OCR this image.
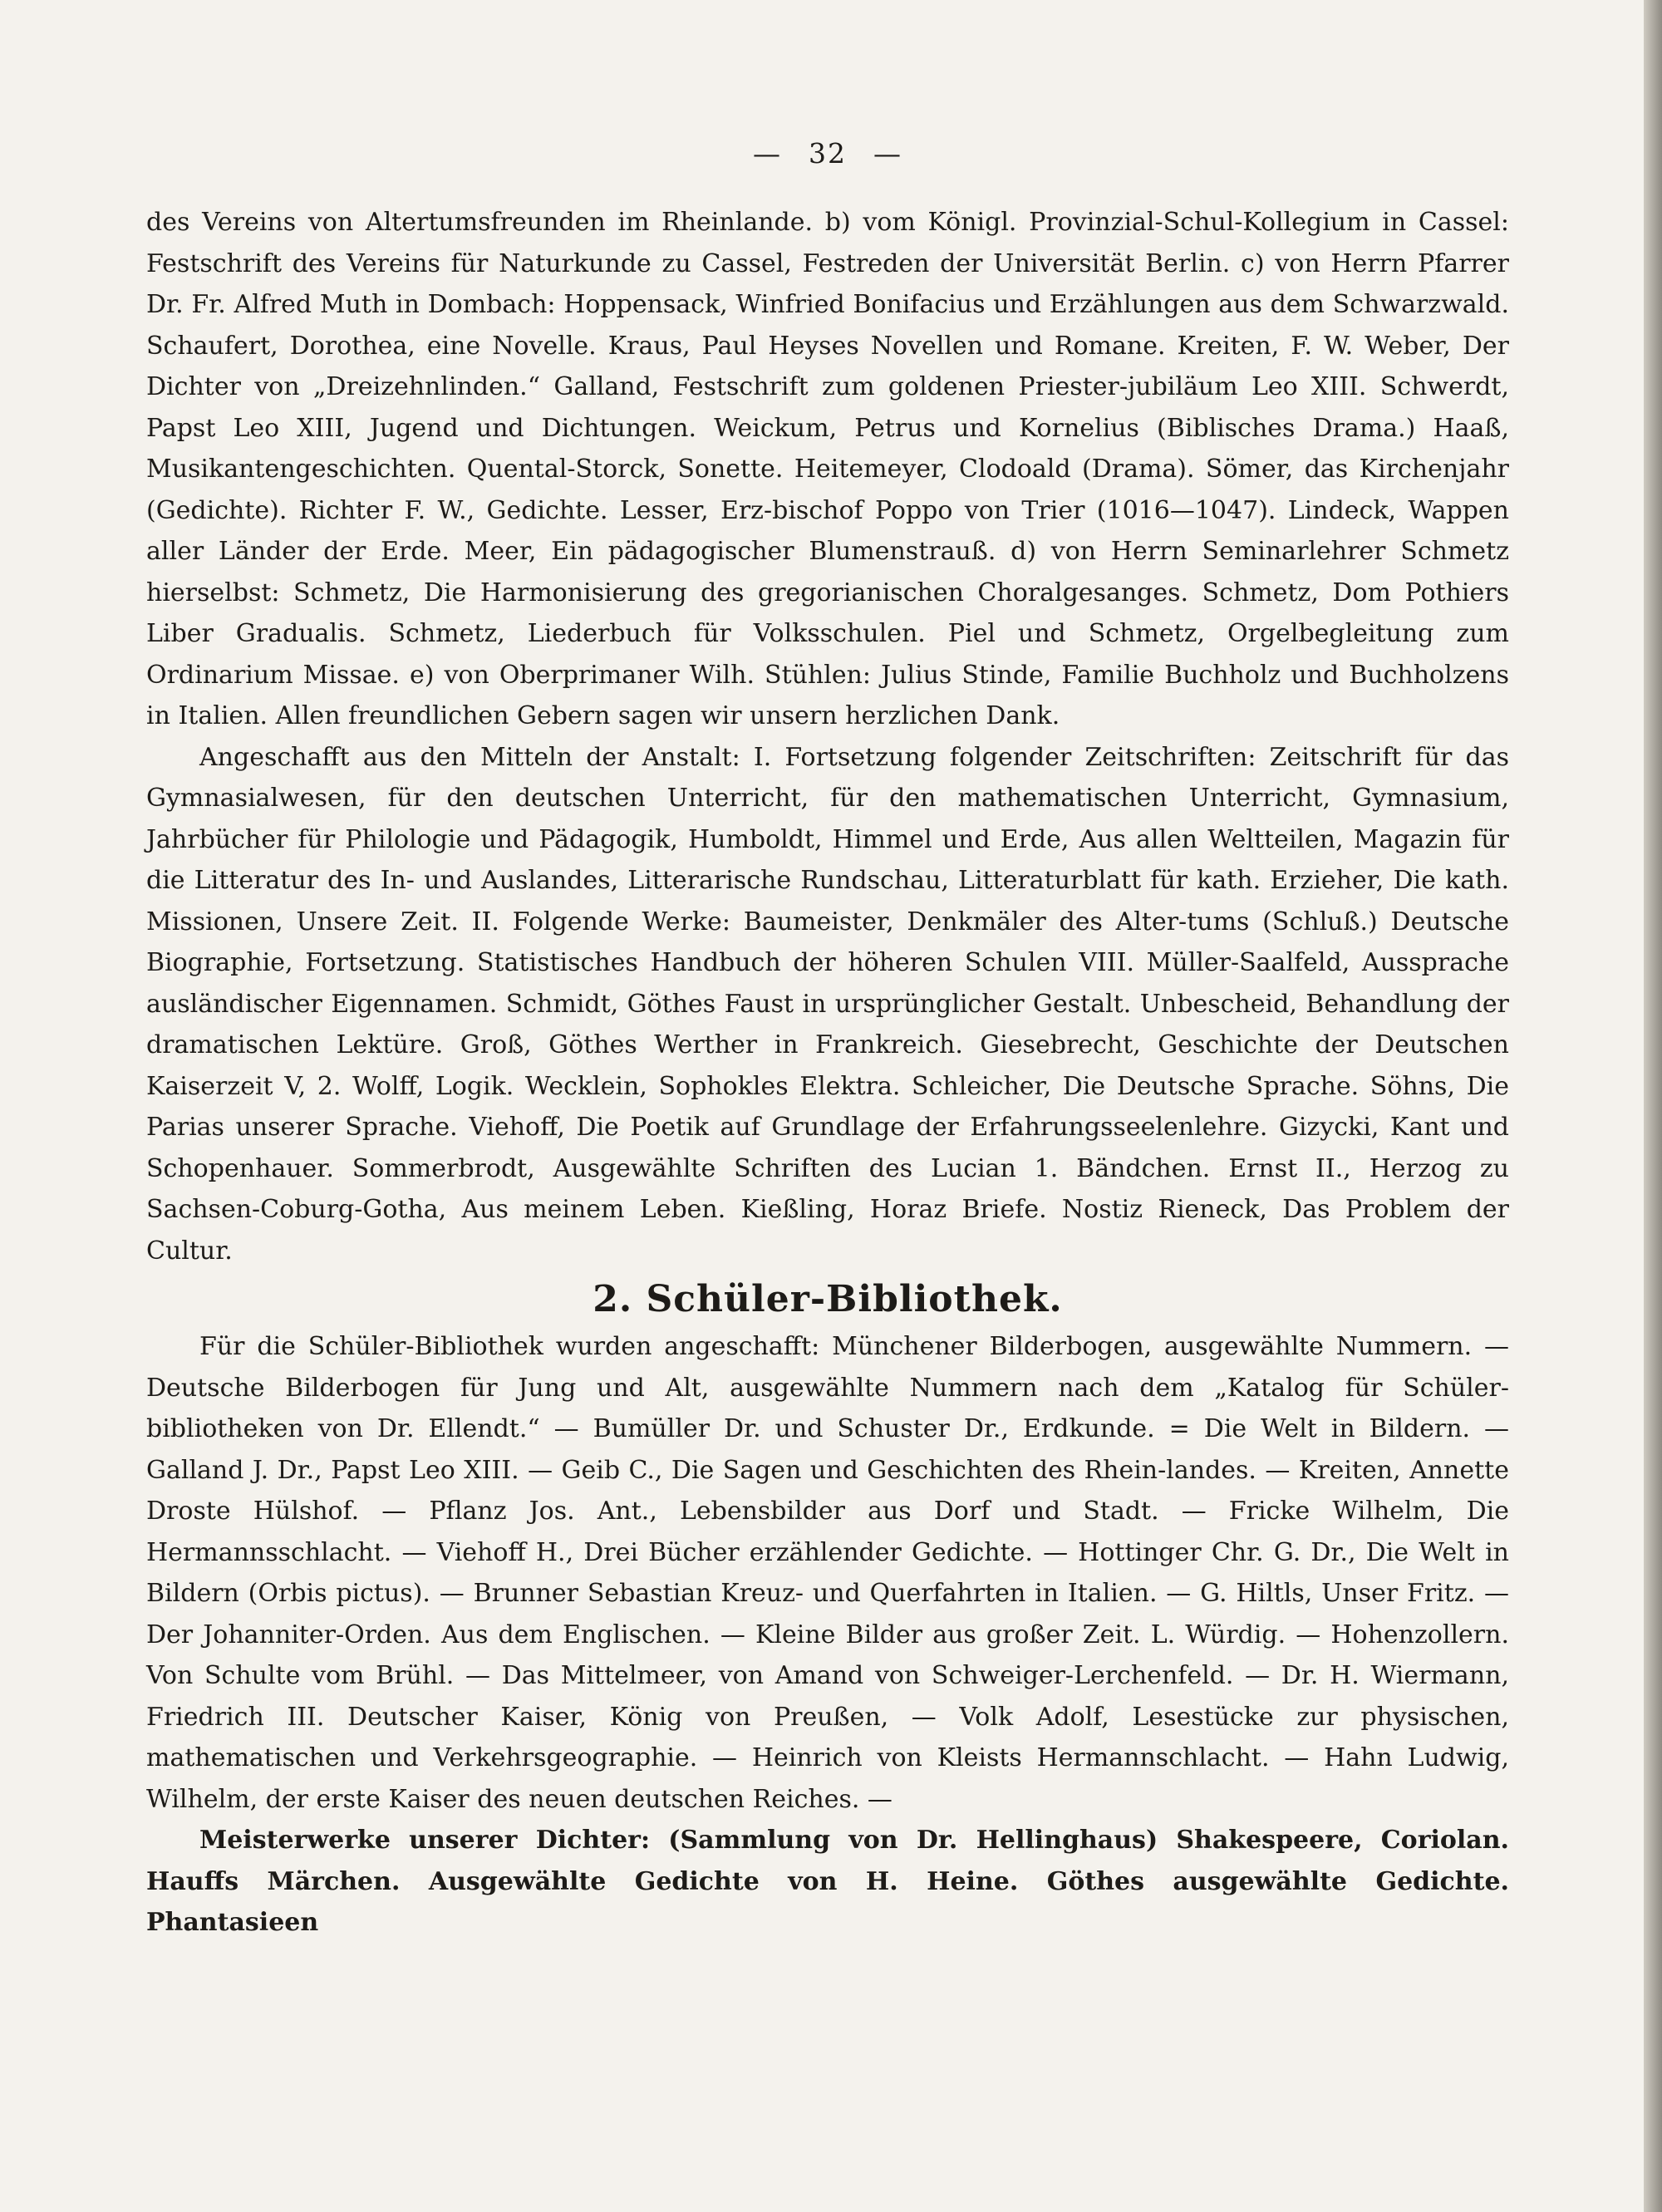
— 32 —

des Vereins von Altertumsfreunden im Rheinlande. b) vom Königl. Provinzial-Schul-Kollegium in Cassel: Festschrift des Vereins für Naturkunde zu Cassel, Festreden der Universität Berlin. c) von Herrn Pfarrer Dr. Fr. Alfred Muth in Dombach: Hoppensack, Winfried Bonifacius und Erzählungen aus dem Schwarzwald. Schaufert, Dorothea, eine Novelle. Kraus, Paul Heyses Novellen und Romane. Kreiten, F. W. Weber, Der Dichter von „Dreizehnlinden.“ Galland, Festschrift zum goldenen Priester-jubiläum Leo XIII. Schwerdt, Papst Leo XIII, Jugend und Dichtungen. Weickum, Petrus und Kornelius (Biblisches Drama.) Haaß, Musikantengeschichten. Quental-Storck, Sonette. Heitemeyer, Clodoald (Drama). Sömer, das Kirchenjahr (Gedichte). Richter F. W., Gedichte. Lesser, Erz-bischof Poppo von Trier (1016—1047). Lindeck, Wappen aller Länder der Erde. Meer, Ein pädagogischer Blumenstrauß. d) von Herrn Seminarlehrer Schmetz hierselbst: Schmetz, Die Harmonisierung des gregorianischen Choralgesanges. Schmetz, Dom Pothiers Liber Gradualis. Schmetz, Liederbuch für Volksschulen. Piel und Schmetz, Orgelbegleitung zum Ordinarium Missae. e) von Oberprimaner Wilh. Stühlen: Julius Stinde, Familie Buchholz und Buchholzens in Italien. Allen freundlichen Gebern sagen wir unsern herzlichen Dank.

Angeschafft aus den Mitteln der Anstalt: I. Fortsetzung folgender Zeitschriften: Zeitschrift für das Gymnasialwesen, für den deutschen Unterricht, für den mathematischen Unterricht, Gymnasium, Jahrbücher für Philologie und Pädagogik, Humboldt, Himmel und Erde, Aus allen Weltteilen, Magazin für die Litteratur des In- und Auslandes, Litterarische Rundschau, Litteraturblatt für kath. Erzieher, Die kath. Missionen, Unsere Zeit. II. Folgende Werke: Baumeister, Denkmäler des Alter-tums (Schluß.) Deutsche Biographie, Fortsetzung. Statistisches Handbuch der höheren Schulen VIII. Müller-Saalfeld, Aussprache ausländischer Eigennamen. Schmidt, Göthes Faust in ursprünglicher Gestalt. Unbescheid, Behandlung der dramatischen Lektüre. Groß, Göthes Werther in Frankreich. Giesebrecht, Geschichte der Deutschen Kaiserzeit V, 2. Wolff, Logik. Wecklein, Sophokles Elektra. Schleicher, Die Deutsche Sprache. Söhns, Die Parias unserer Sprache. Viehoff, Die Poetik auf Grundlage der Erfahrungsseelenlehre. Gizycki, Kant und Schopenhauer. Sommerbrodt, Ausgewählte Schriften des Lucian 1. Bändchen. Ernst II., Herzog zu Sachsen-Coburg-Gotha, Aus meinem Leben. Kießling, Horaz Briefe. Nostiz Rieneck, Das Problem der Cultur.

2. Schüler-Bibliothek.

Für die Schüler-Bibliothek wurden angeschafft: Münchener Bilderbogen, ausgewählte Nummern. — Deutsche Bilderbogen für Jung und Alt, ausgewählte Nummern nach dem „Katalog für Schüler-bibliotheken von Dr. Ellendt.“ — Bumüller Dr. und Schuster Dr., Erdkunde. = Die Welt in Bildern. — Galland J. Dr., Papst Leo XIII. — Geib C., Die Sagen und Geschichten des Rhein-landes. — Kreiten, Annette Droste Hülshof. — Pflanz Jos. Ant., Lebensbilder aus Dorf und Stadt. — Fricke Wilhelm, Die Hermannsschlacht. — Viehoff H., Drei Bücher erzählender Gedichte. — Hottinger Chr. G. Dr., Die Welt in Bildern (Orbis pictus). — Brunner Sebastian Kreuz- und Querfahrten in Italien. — G. Hiltls, Unser Fritz. — Der Johanniter-Orden. Aus dem Englischen. — Kleine Bilder aus großer Zeit. L. Würdig. — Hohenzollern. Von Schulte vom Brühl. — Das Mittelmeer, von Amand von Schweiger-Lerchenfeld. — Dr. H. Wiermann, Friedrich III. Deutscher Kaiser, König von Preußen, — Volk Adolf, Lesestücke zur physischen, mathematischen und Verkehrsgeographie. — Heinrich von Kleists Hermannschlacht. — Hahn Ludwig, Wilhelm, der erste Kaiser des neuen deutschen Reiches. —

Meisterwerke unserer Dichter: (Sammlung von Dr. Hellinghaus) Shakespeere, Coriolan. Hauffs Märchen. Ausgewählte Gedichte von H. Heine. Göthes ausgewählte Gedichte. Phantasieen
